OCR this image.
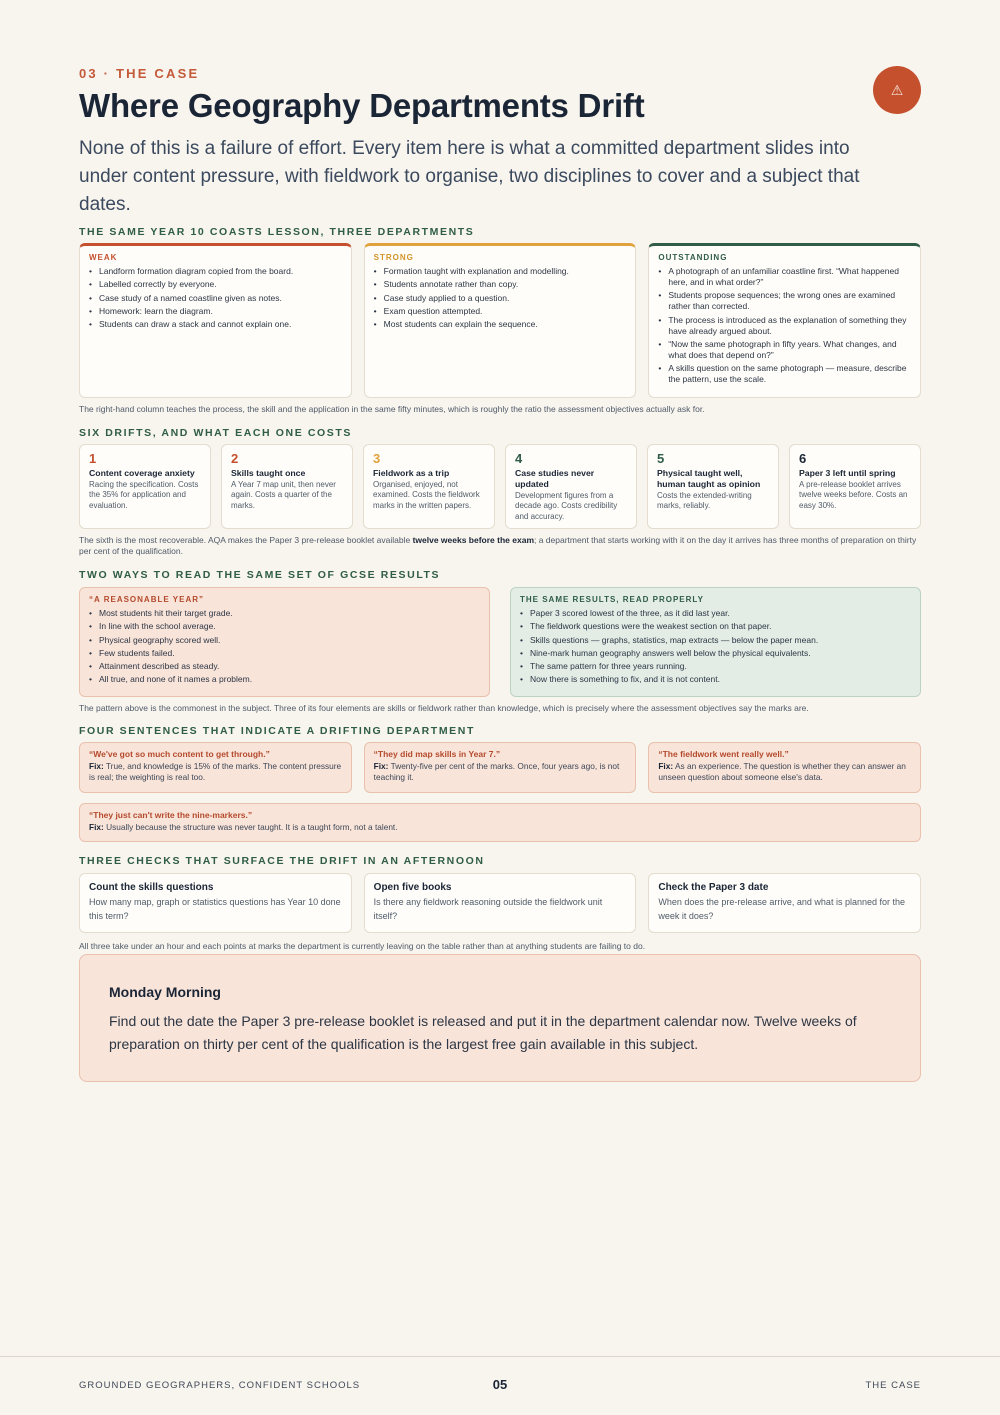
03 · THE CASE
Where Geography Departments Drift
None of this is a failure of effort. Every item here is what a committed department slides into under content pressure, with fieldwork to organise, two disciplines to cover and a subject that dates.
⚠
THE SAME YEAR 10 COASTS LESSON, THREE DEPARTMENTS
WEAK
• Landform formation diagram copied from the board.
• Labelled correctly by everyone.
• Case study of a named coastline given as notes.
• Homework: learn the diagram.
• Students can draw a stack and cannot explain one.
STRONG
• Formation taught with explanation and modelling.
• Students annotate rather than copy.
• Case study applied to a question.
• Exam question attempted.
• Most students can explain the sequence.
OUTSTANDING
• A photograph of an unfamiliar coastline first. “What happened here, and in what order?”
• Students propose sequences; the wrong ones are examined rather than corrected.
• The process is introduced as the explanation of something they have already argued about.
• “Now the same photograph in fifty years. What changes, and what does that depend on?”
• A skills question on the same photograph — measure, describe the pattern, use the scale.
The right-hand column teaches the process, the skill and the application in the same fifty minutes, which is roughly the ratio the assessment objectives actually ask for.
SIX DRIFTS, AND WHAT EACH ONE COSTS
1
Content coverage anxiety
Racing the specification. Costs the 35% for application and evaluation.
2
Skills taught once
A Year 7 map unit, then never again. Costs a quarter of the marks.
3
Fieldwork as a trip
Organised, enjoyed, not examined. Costs the fieldwork marks in the written papers.
4
Case studies never updated
Development figures from a decade ago. Costs credibility and accuracy.
5
Physical taught well, human taught as opinion
Costs the extended-writing marks, reliably.
6
Paper 3 left until spring
A pre-release booklet arrives twelve weeks before. Costs an easy 30%.
The sixth is the most recoverable. AQA makes the Paper 3 pre-release booklet available twelve weeks before the exam; a department that starts working with it on the day it arrives has three months of preparation on thirty per cent of the qualification.
TWO WAYS TO READ THE SAME SET OF GCSE RESULTS
“A REASONABLE YEAR”
• Most students hit their target grade.
• In line with the school average.
• Physical geography scored well.
• Few students failed.
• Attainment described as steady.
• All true, and none of it names a problem.
THE SAME RESULTS, READ PROPERLY
• Paper 3 scored lowest of the three, as it did last year.
• The fieldwork questions were the weakest section on that paper.
• Skills questions — graphs, statistics, map extracts — below the paper mean.
• Nine-mark human geography answers well below the physical equivalents.
• The same pattern for three years running.
• Now there is something to fix, and it is not content.
The pattern above is the commonest in the subject. Three of its four elements are skills or fieldwork rather than knowledge, which is precisely where the assessment objectives say the marks are.
FOUR SENTENCES THAT INDICATE A DRIFTING DEPARTMENT
“We've got so much content to get through.”
Fix: True, and knowledge is 15% of the marks. The content pressure is real; the weighting is real too.
“They did map skills in Year 7.”
Fix: Twenty-five per cent of the marks. Once, four years ago, is not teaching it.
“The fieldwork went really well.”
Fix: As an experience. The question is whether they can answer an unseen question about someone else's data.
“They just can't write the nine-markers.”
Fix: Usually because the structure was never taught. It is a taught form, not a talent.
THREE CHECKS THAT SURFACE THE DRIFT IN AN AFTERNOON
Count the skills questions
How many map, graph or statistics questions has Year 10 done this term?
Open five books
Is there any fieldwork reasoning outside the fieldwork unit itself?
Check the Paper 3 date
When does the pre-release arrive, and what is planned for the week it does?
All three take under an hour and each points at marks the department is currently leaving on the table rather than at anything students are failing to do.
Monday Morning
Find out the date the Paper 3 pre-release booklet is released and put it in the department calendar now. Twelve weeks of preparation on thirty per cent of the qualification is the largest free gain available in this subject.
GROUNDED GEOGRAPHERS, CONFIDENT SCHOOLS	05	THE CASE
